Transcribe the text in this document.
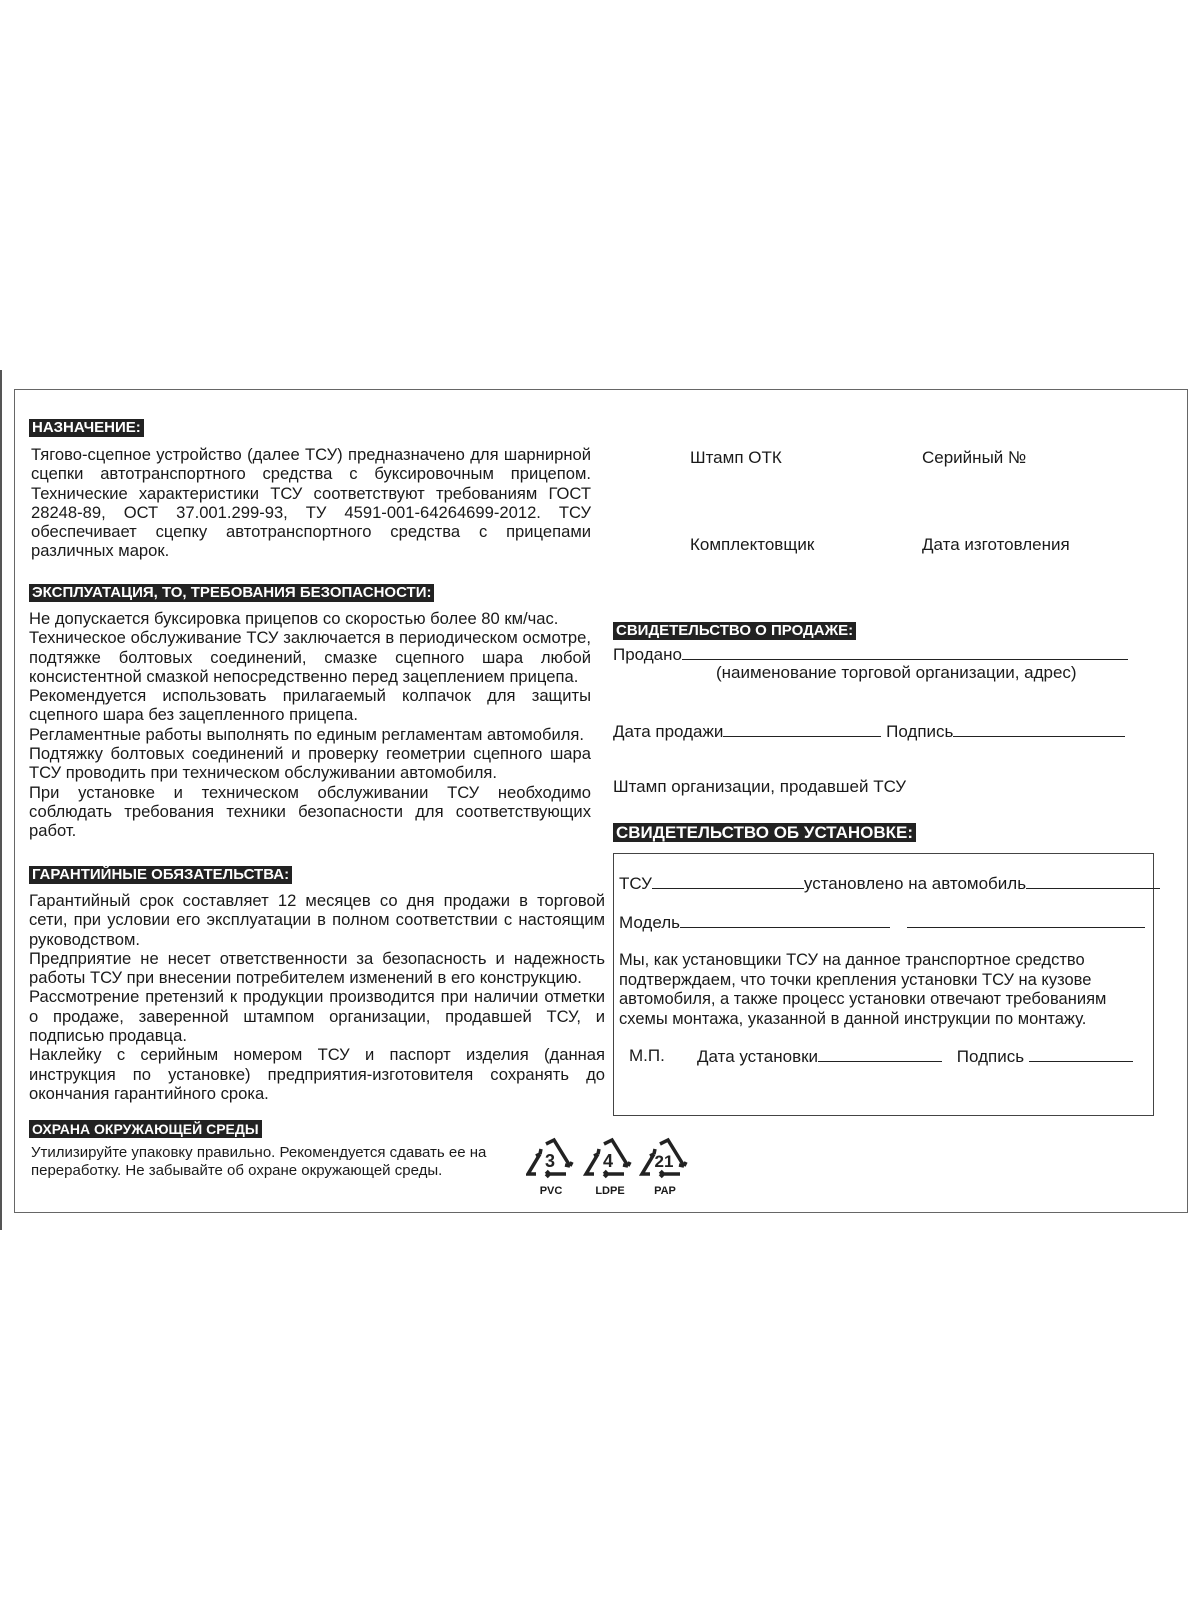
НАЗНАЧЕНИЕ:

Тягово-сцепное устройство (далее ТСУ) предназначено для шарнирной сцепки автотранспортного средства с буксировочным прицепом. Технические характеристики ТСУ соответствуют требованиям ГОСТ 28248-89, ОСТ 37.001.299-93, ТУ 4591-001-64264699-2012. ТСУ обеспечивает сцепку автотранспортного средства с прицепами различных марок.

ЭКСПЛУАТАЦИЯ, ТО, ТРЕБОВАНИЯ БЕЗОПАСНОСТИ:

Не допускается буксировка прицепов со скоростью более 80 км/час.

Техническое обслуживание ТСУ заключается в периодическом осмотре, подтяжке болтовых соединений, смазке сцепного шара любой консистентной смазкой непосредственно перед зацеплением прицепа.

Рекомендуется использовать прилагаемый колпачок для защиты сцепного шара без зацепленного прицепа.

Регламентные работы выполнять по единым регламентам автомобиля.

Подтяжку болтовых соединений и проверку геометрии сцепного шара ТСУ проводить при техническом обслуживании автомобиля.

При установке и техническом обслуживании ТСУ необходимо соблюдать требования техники безопасности для соответствующих работ.

ГАРАНТИЙНЫЕ ОБЯЗАТЕЛЬСТВА:

Гарантийный срок составляет 12 месяцев со дня продажи в торговой сети, при условии его эксплуатации в полном соответствии с настоящим руководством.

Предприятие не несет ответственности за безопасность и надежность работы ТСУ при внесении потребителем изменений в его конструкцию.

Рассмотрение претензий к продукции производится при наличии отметки о продаже, заверенной штампом организации, продавшей ТСУ, и подписью продавца.

Наклейку с серийным номером ТСУ и паспорт изделия (данная инструкция по установке) предприятия-изготовителя сохранять до окончания гарантийного срока.

ОХРАНА ОКРУЖАЮЩЕЙ СРЕДЫ

Утилизируйте упаковку правильно. Рекомендуется сдавать ее на переработку. Не забывайте об охране окружающей среды.	3	4 21
PVC	LDPE	PAP
Штамп ОТК	Серийный №
Комплектовщик	Дата изготовления
СВИДЕТЕЛЬСТВО О ПРОДАЖЕ:
Продано
(наименование торговой организации, адрес)
Дата продажи	Подпись
Штамп организации, продавшей ТСУ
СВИДЕТЕЛЬСТВО ОБ УСТАНОВКЕ:
ТСУ	установлено на автомобиль
Модель

Мы, как установщики ТСУ на данное транспортное средство подтверждаем, что точки крепления установки ТСУ на кузове автомобиля, а также процесс установки отвечают требованиям схемы монтажа, указанной в данной инструкции по монтажу.

М.П. Дата установки	Подпись
